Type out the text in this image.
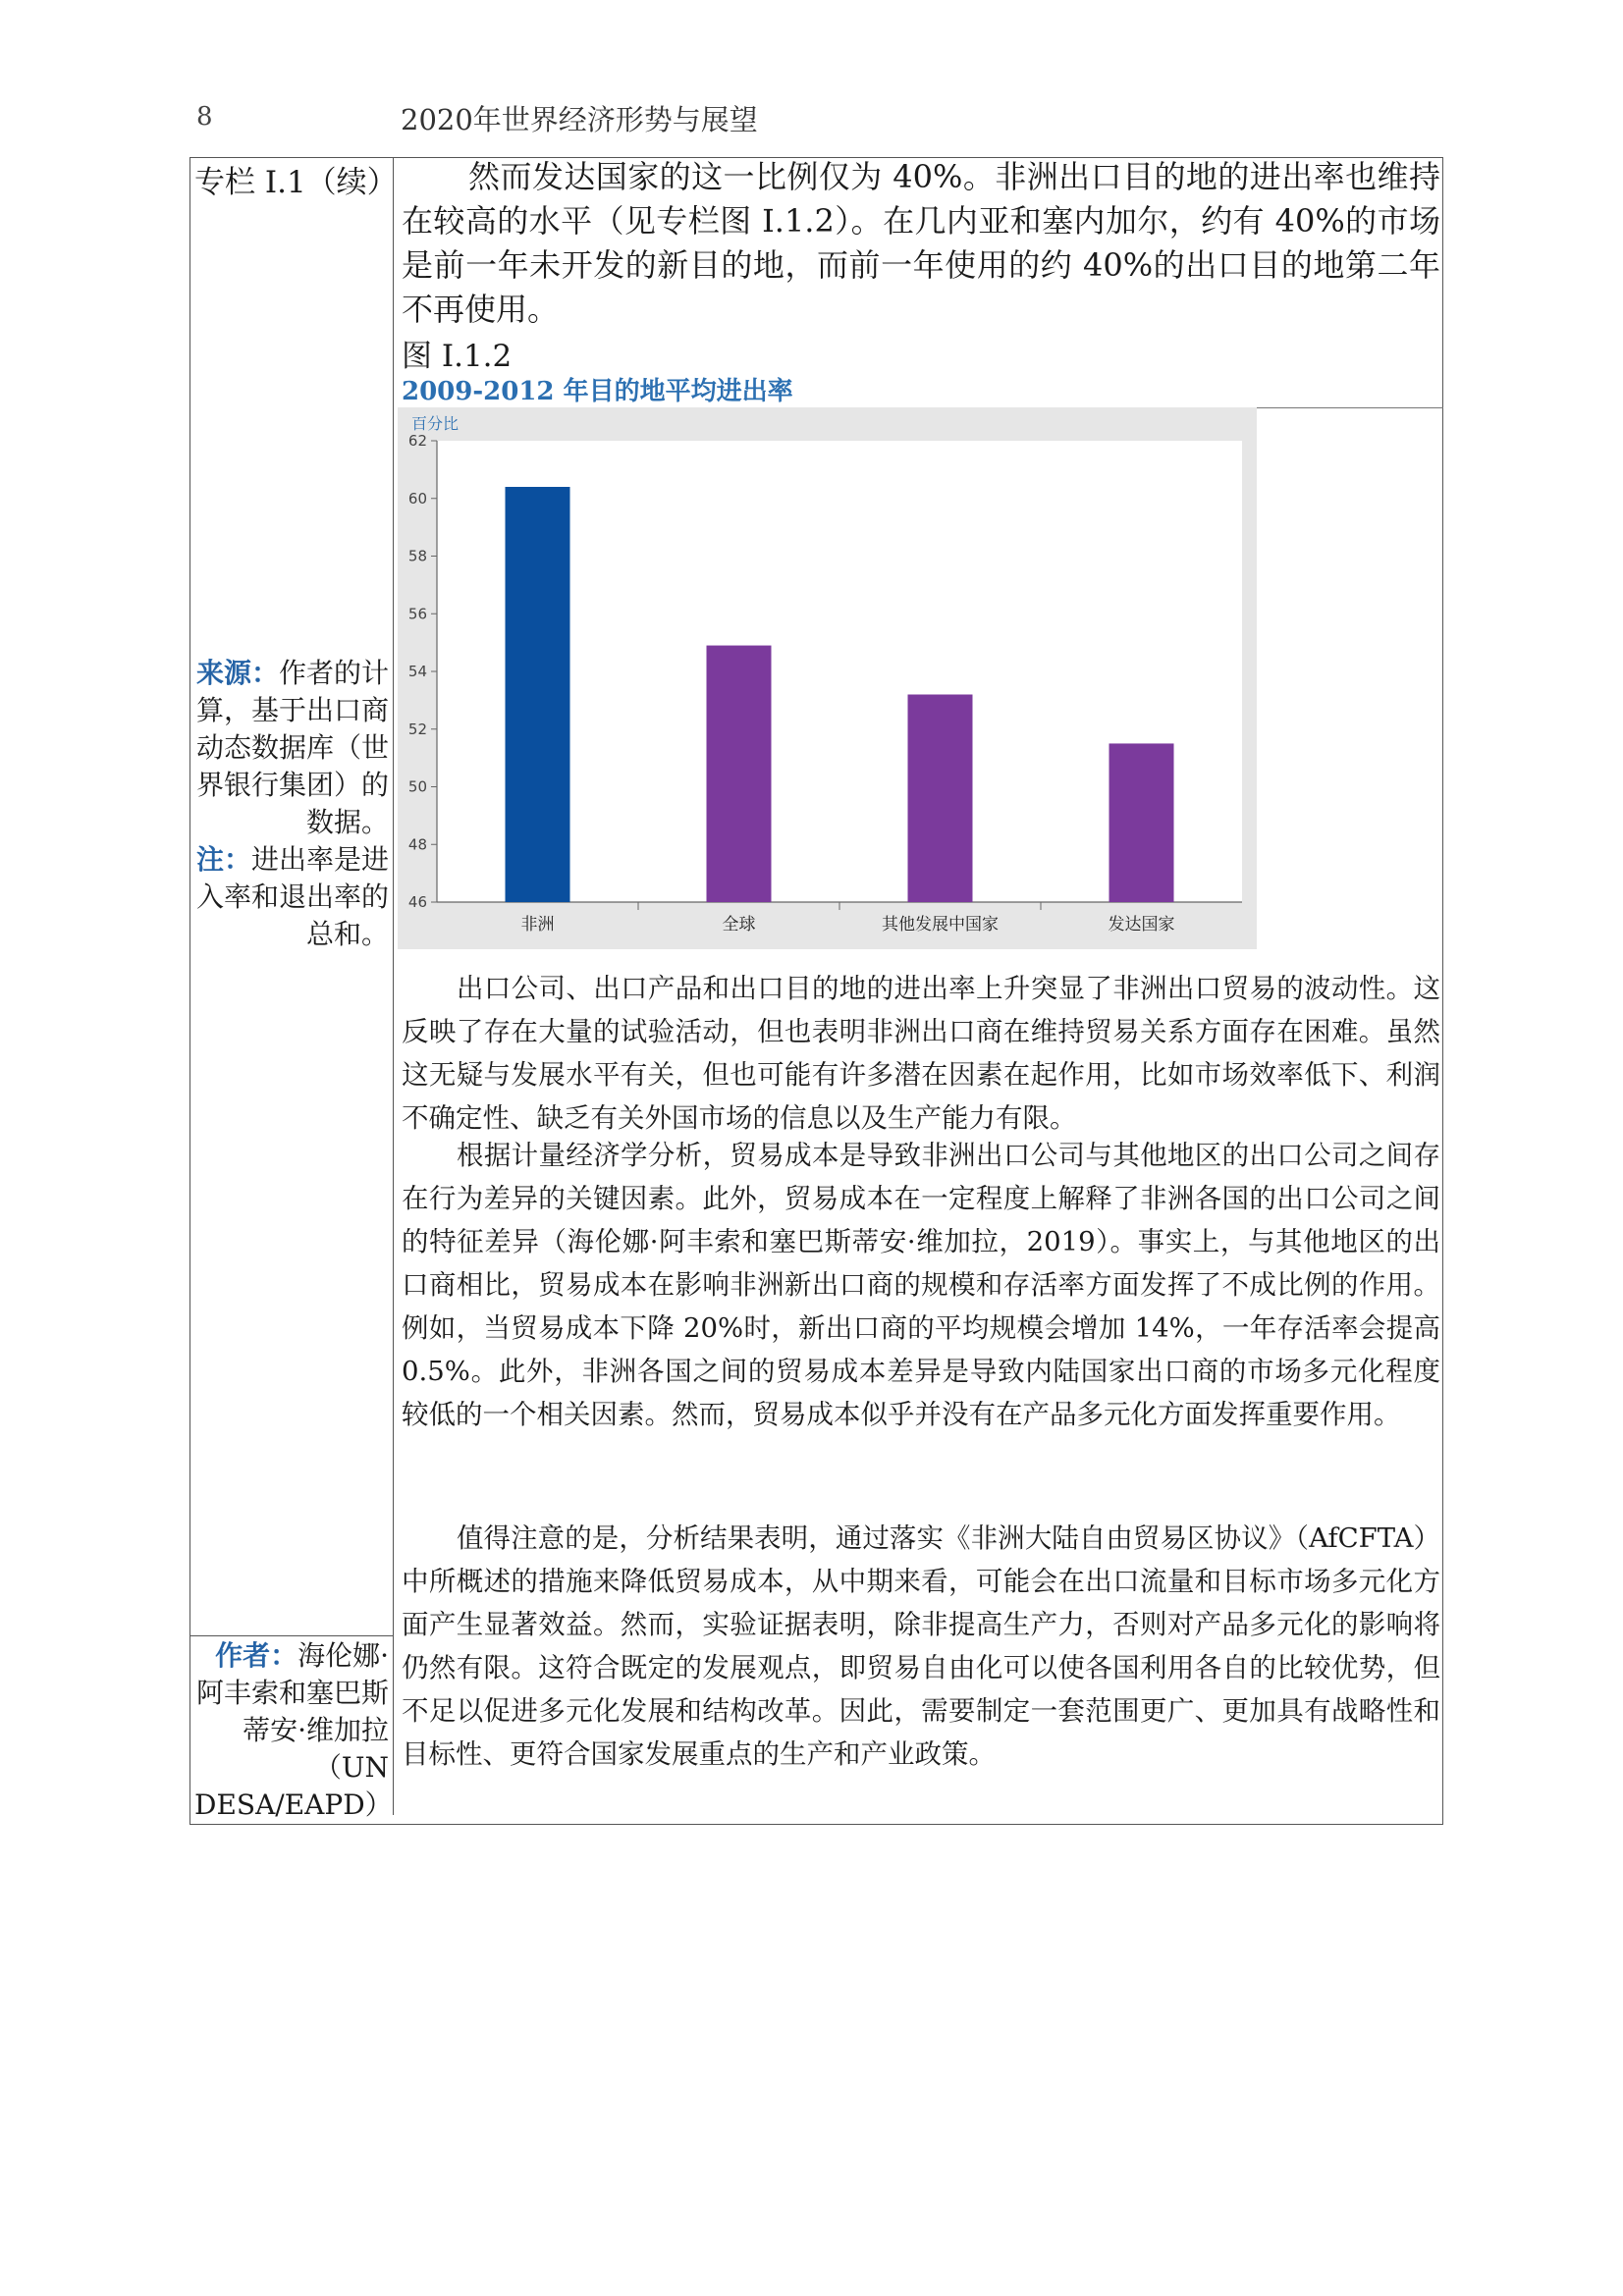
8	2020年世界经济形势与展望
专栏 I.1（续）	然而发达国家的这一比例仅为 40%。非洲出口目的地的进出率也维持在较高的水平（见专栏图 I.1.2）。在几内亚和塞内加尔，约有 40%的市场是前一年未开发的新目的地，而前一年使用的约 40%的出口目的地第二年不再使用。
图 I.1.2
2009-2012 年目的地平均进出率
百分比
46
48
50
52
54
56
58
60
62
非洲	全球	其他发展中国家	发达国家
来源：作者的计算，基于出口商动态数据库（世界银行集团）的数据。
注：进出率是进入率和退出率的总和。
作者：海伦娜·阿丰索和塞巴斯蒂安·维加拉（UN DESA/EAPD）
出口公司、出口产品和出口目的地的进出率上升突显了非洲出口贸易的波动性。这反映了存在大量的试验活动，但也表明非洲出口商在维持贸易关系方面存在困难。虽然这无疑与发展水平有关，但也可能有许多潜在因素在起作用，比如市场效率低下、利润不确定性、缺乏有关外国市场的信息以及生产能力有限。
根据计量经济学分析，贸易成本是导致非洲出口公司与其他地区的出口公司之间存在行为差异的关键因素。此外，贸易成本在一定程度上解释了非洲各国的出口公司之间的特征差异（海伦娜·阿丰索和塞巴斯蒂安·维加拉，2019）。事实上，与其他地区的出口商相比，贸易成本在影响非洲新出口商的规模和存活率方面发挥了不成比例的作用。例如，当贸易成本下降 20%时，新出口商的平均规模会增加 14%，一年存活率会提高 0.5%。此外，非洲各国之间的贸易成本差异是导致内陆国家出口商的市场多元化程度较低的一个相关因素。然而，贸易成本似乎并没有在产品多元化方面发挥重要作用。
值得注意的是，分析结果表明，通过落实《非洲大陆自由贸易区协议》（AfCFTA）中所概述的措施来降低贸易成本，从中期来看，可能会在出口流量和目标市场多元化方面产生显著效益。然而，实验证据表明，除非提高生产力，否则对产品多元化的影响将仍然有限。这符合既定的发展观点，即贸易自由化可以使各国利用各自的比较优势，但不足以促进多元化发展和结构改革。因此，需要制定一套范围更广、更加具有战略性和目标性、更符合国家发展重点的生产和产业政策。
